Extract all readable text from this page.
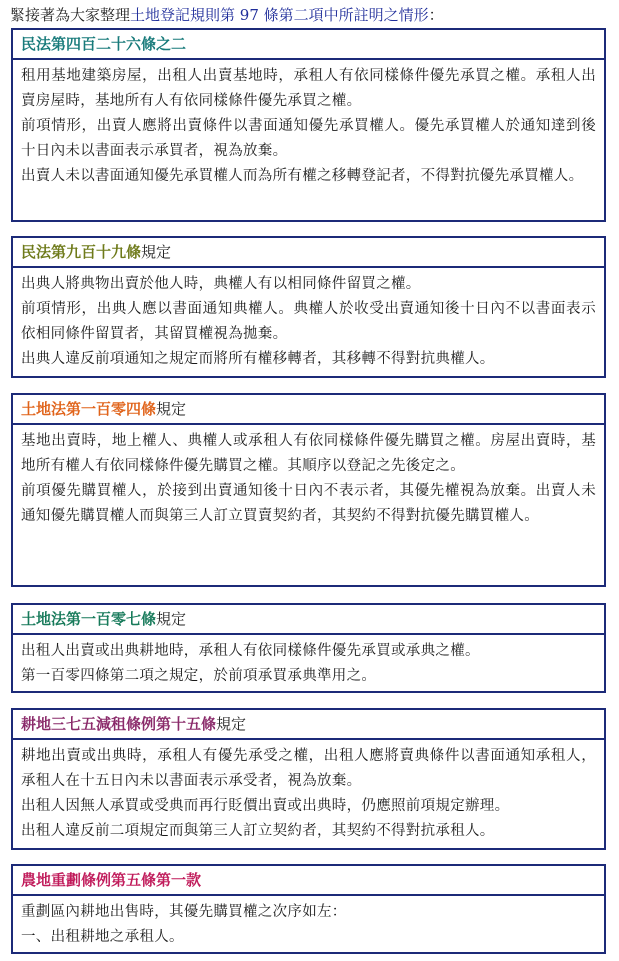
緊接著為大家整理土地登記規則第 97 條第二項中所註明之情形：
民法第四百二十六條之二

租用基地建築房屋，出租人出賣基地時，承租人有依同樣條件優先承買之權。承租人出賣房屋時，基地所有人有依同樣條件優先承買之權。

前項情形，出賣人應將出賣條件以書面通知優先承買權人。優先承買權人於通知達到後十日內未以書面表示承買者，視為放棄。

出賣人未以書面通知優先承買權人而為所有權之移轉登記者，不得對抗優先承買權人。

民法第九百十九條規定

出典人將典物出賣於他人時，典權人有以相同條件留買之權。

前項情形，出典人應以書面通知典權人。典權人於收受出賣通知後十日內不以書面表示依相同條件留買者，其留買權視為拋棄。

出典人違反前項通知之規定而將所有權移轉者，其移轉不得對抗典權人。

土地法第一百零四條規定

基地出賣時，地上權人、典權人或承租人有依同樣條件優先購買之權。房屋出賣時，基地所有權人有依同樣條件優先購買之權。其順序以登記之先後定之。

前項優先購買權人，於接到出賣通知後十日內不表示者，其優先權視為放棄。出賣人未通知優先購買權人而與第三人訂立買賣契約者，其契約不得對抗優先購買權人。

土地法第一百零七條規定

出租人出賣或出典耕地時，承租人有依同樣條件優先承買或承典之權。

第一百零四條第二項之規定，於前項承買承典準用之。

耕地三七五減租條例第十五條規定

耕地出賣或出典時，承租人有優先承受之權，出租人應將賣典條件以書面通知承租人，承租人在十五日內未以書面表示承受者，視為放棄。

出租人因無人承買或受典而再行貶價出賣或出典時，仍應照前項規定辦理。

出租人違反前二項規定而與第三人訂立契約者，其契約不得對抗承租人。

農地重劃條例第五條第一款

重劃區內耕地出售時，其優先購買權之次序如左：

一、出租耕地之承租人。
